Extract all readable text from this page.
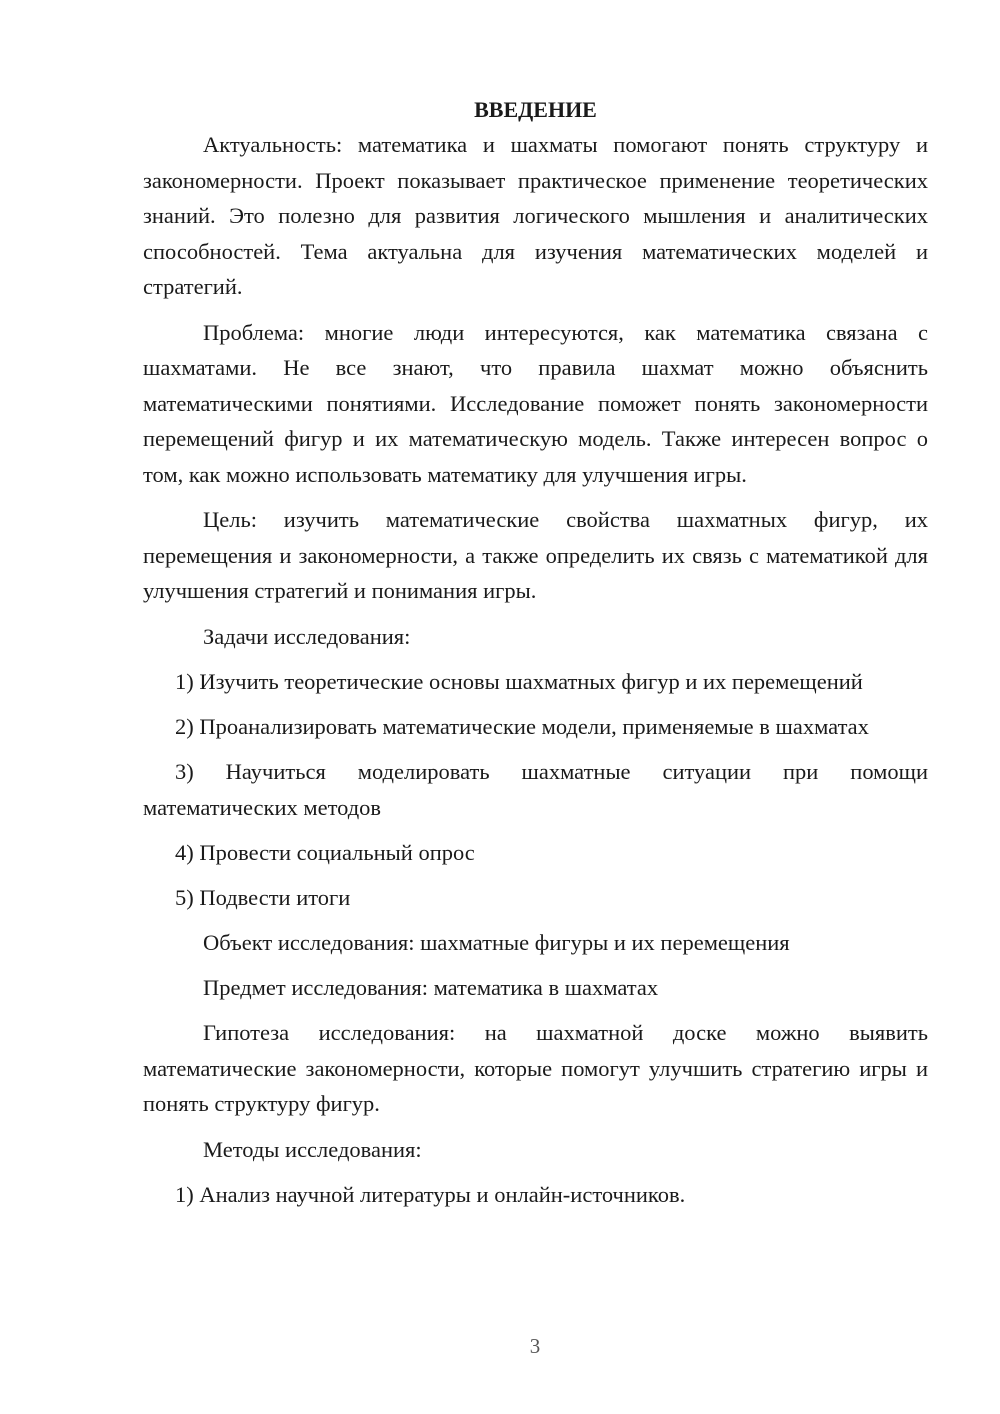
ВВЕДЕНИЕ

Актуальность: математика и шахматы помогают понять структуру и закономерности. Проект показывает практическое применение теоретических знаний. Это полезно для развития логического мышления и аналитических способностей. Тема актуальна для изучения математических моделей и стратегий.

Проблема: многие люди интересуются, как математика связана с шахматами. Не все знают, что правила шахмат можно объяснить математическими понятиями. Исследование поможет понять закономерности перемещений фигур и их математическую модель. Также интересен вопрос о том, как можно использовать математику для улучшения игры.

Цель: изучить математические свойства шахматных фигур, их перемещения и закономерности, а также определить их связь с математикой для улучшения стратегий и понимания игры.

Задачи исследования:

1) Изучить теоретические основы шахматных фигур и их перемещений

2) Проанализировать математические модели, применяемые в шахматах

3) Научиться моделировать шахматные ситуации при помощи математических методов

4) Провести социальный опрос

5) Подвести итоги

Объект исследования: шахматные фигуры и их перемещения

Предмет исследования: математика в шахматах

Гипотеза исследования: на шахматной доске можно выявить математические закономерности, которые помогут улучшить стратегию игры и понять структуру фигур.

Методы исследования:

1) Анализ научной литературы и онлайн-источников.

3
